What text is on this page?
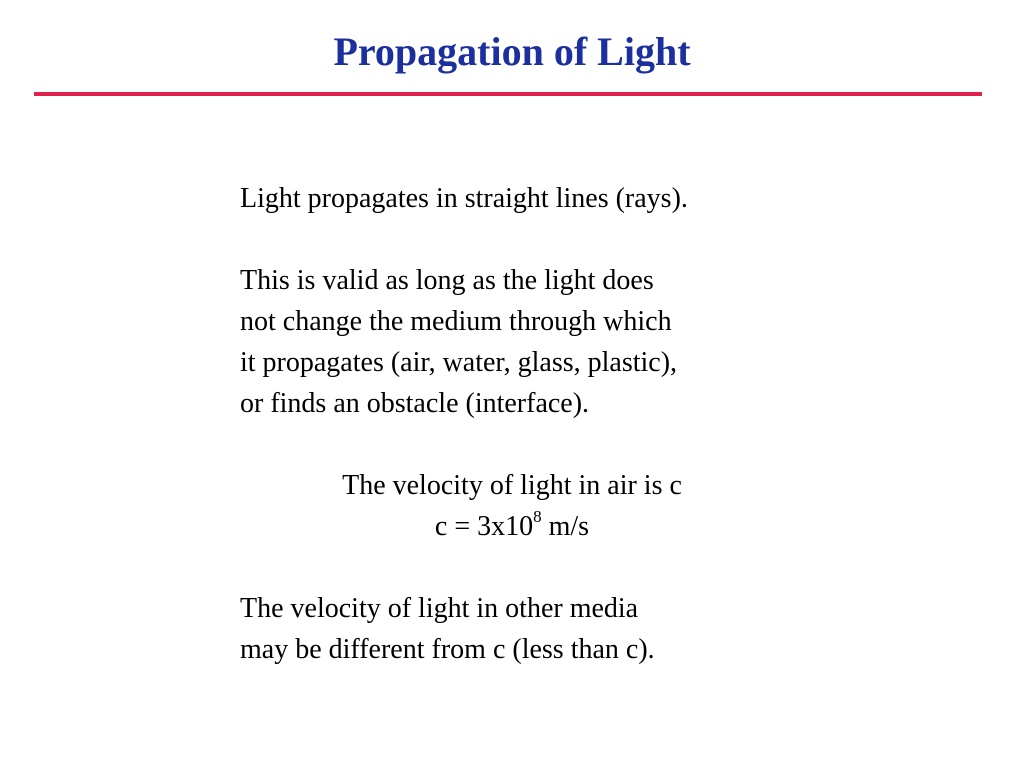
Propagation of Light
Light propagates in straight lines (rays).
This is valid as long as the light does
not change the medium through which
it propagates (air, water, glass, plastic),
or finds an obstacle (interface).
The velocity of light in air is c
$c = 3x10^8$ m/s
The velocity of light in other media
may be different from c (less than c).
